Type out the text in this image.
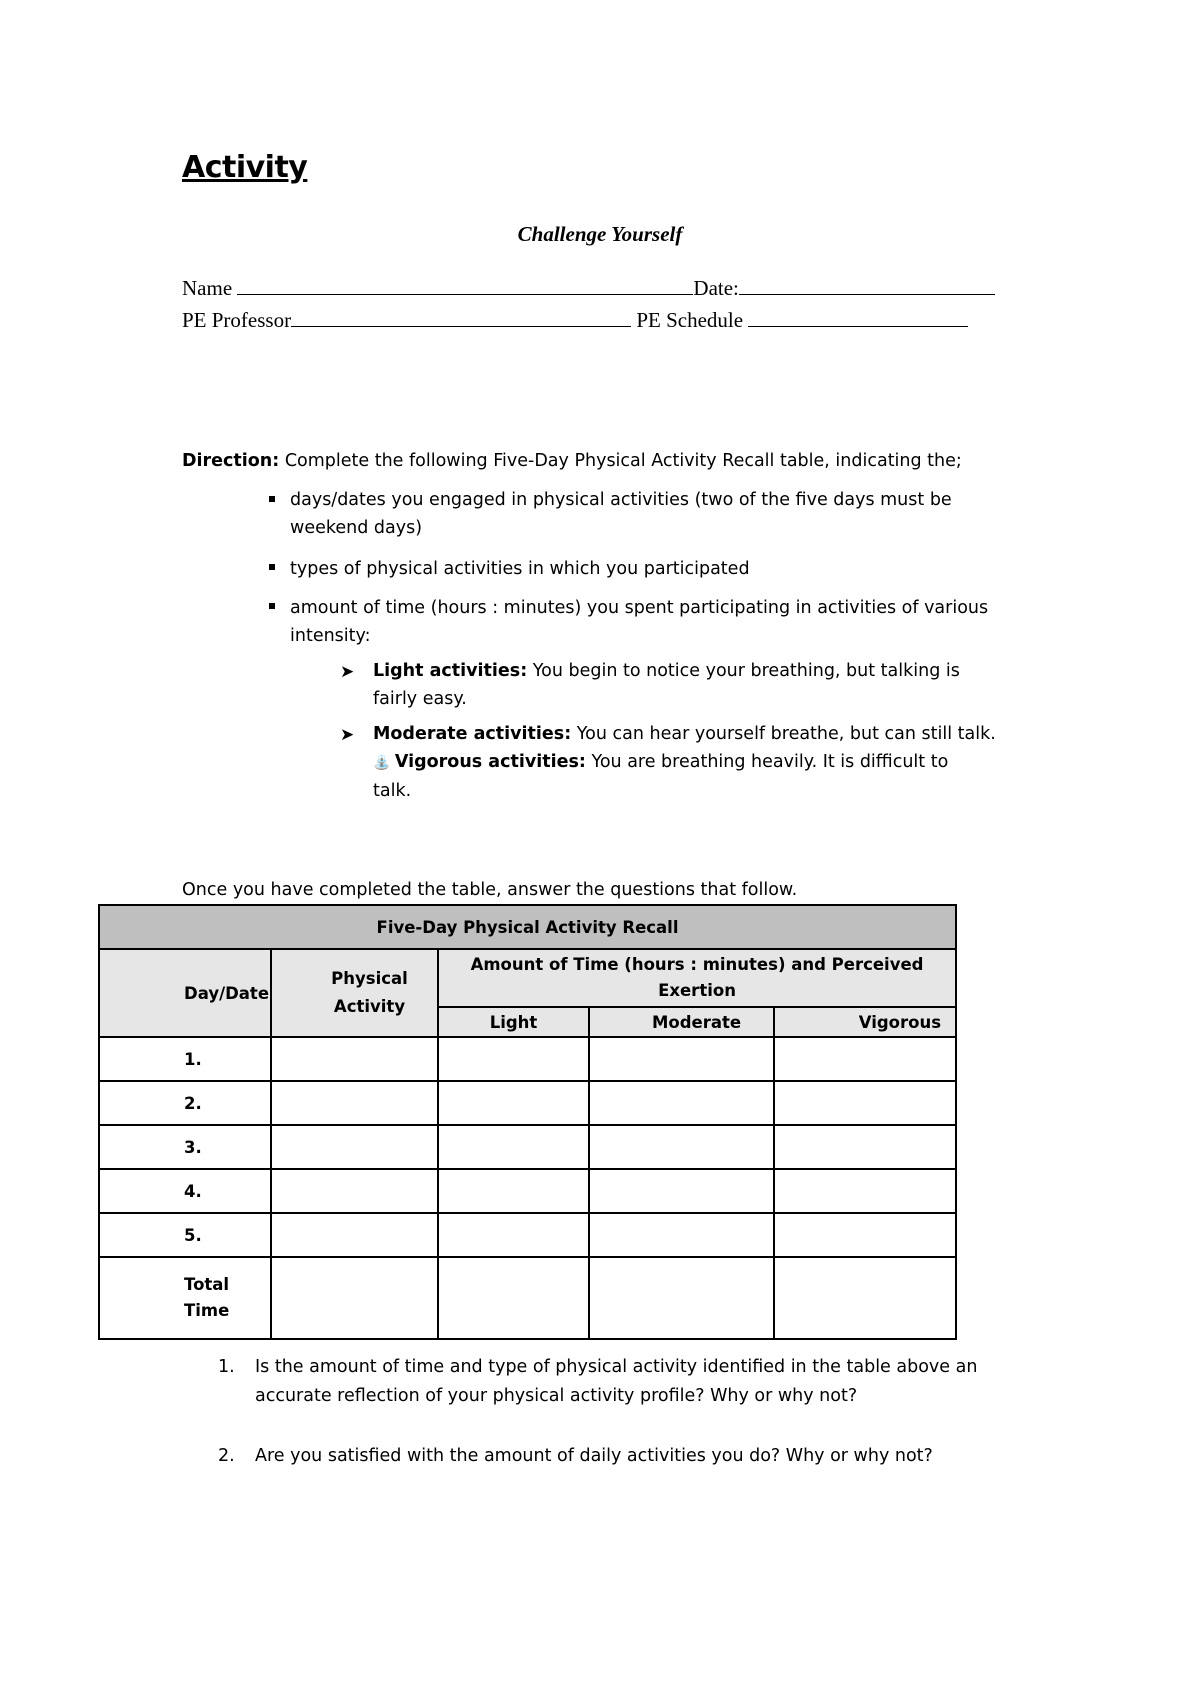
Activity
Challenge Yourself
Name	Date:
PE Professor	PE Schedule
Direction: Complete the following Five-Day Physical Activity Recall table, indicating the;
days/dates you engaged in physical activities (two of the five days must be weekend days)
types of physical activities in which you participated
amount of time (hours : minutes) you spent participating in activities of various intensity:
➤ Light activities: You begin to notice your breathing, but talking is fairly easy.
➤ Moderate activities: You can hear yourself breathe, but can still talk.
⛲ Vigorous activities: You are breathing heavily. It is difficult to talk.
Once you have completed the table, answer the questions that follow.
Five-Day Physical Activity Recall				
Day/Date	Physical Activity	Amount of Time (hours : minutes) and Perceived Exertion		
		Light	Moderate	Vigorous
1.				
2.				
3.				
4.				
5.				
Total Time				
1. Is the amount of time and type of physical activity identified in the table above an accurate reflection of your physical activity profile? Why or why not?
2. Are you satisfied with the amount of daily activities you do? Why or why not?
